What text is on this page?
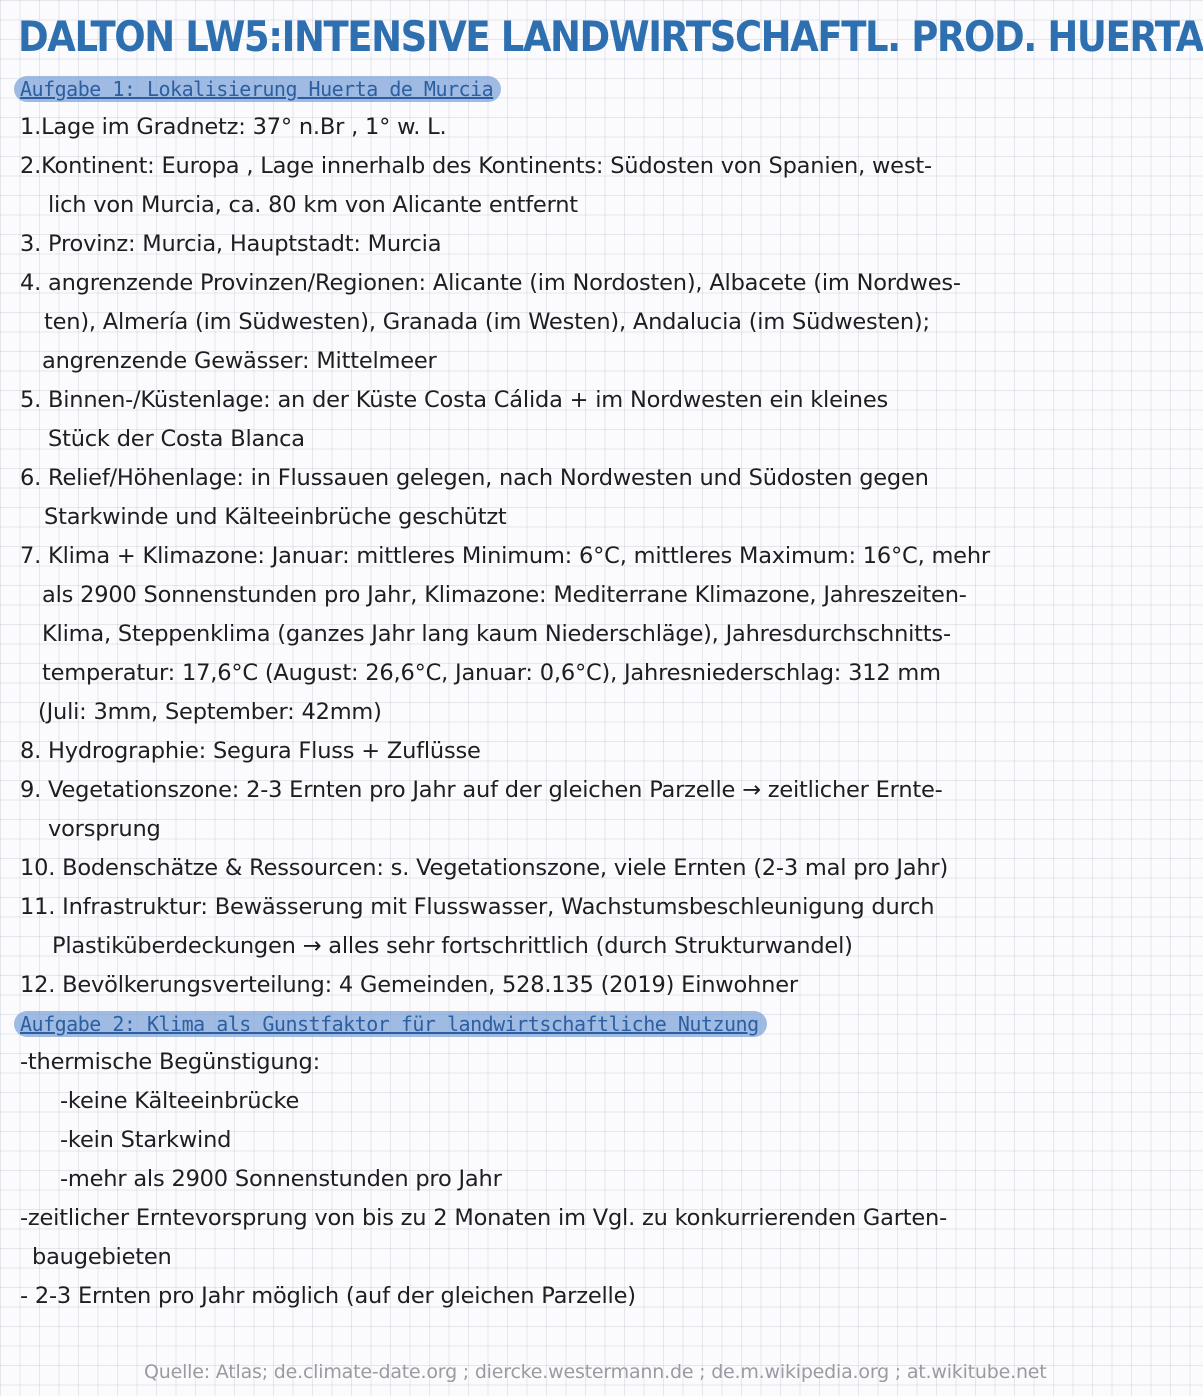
DALTON LW5:INTENSIVE LANDWIRTSCHAFTL. PROD. HUERTA
Aufgabe 1: Lokalisierung Huerta de Murcia
1.Lage im Gradnetz: 37° n.Br , 1° w. L.
2.Kontinent: Europa , Lage innerhalb des Kontinents: Südosten von Spanien, west-
lich von Murcia, ca. 80 km von Alicante entfernt
3. Provinz: Murcia, Hauptstadt: Murcia
4. angrenzende Provinzen/Regionen: Alicante (im Nordosten), Albacete (im Nordwes-
ten), Almería (im Südwesten), Granada (im Westen), Andalucia (im Südwesten);
angrenzende Gewässer: Mittelmeer
5. Binnen-/Küstenlage: an der Küste Costa Cálida + im Nordwesten ein kleines
Stück der Costa Blanca
6. Relief/Höhenlage: in Flussauen gelegen, nach Nordwesten und Südosten gegen
Starkwinde und Kälteeinbrüche geschützt
7. Klima + Klimazone: Januar: mittleres Minimum: 6°C, mittleres Maximum: 16°C, mehr
als 2900 Sonnenstunden pro Jahr, Klimazone: Mediterrane Klimazone, Jahreszeiten-
Klima, Steppenklima (ganzes Jahr lang kaum Niederschläge), Jahresdurchschnitts-
temperatur: 17,6°C (August: 26,6°C, Januar: 0,6°C), Jahresniederschlag: 312 mm
(Juli: 3mm, September: 42mm)
8. Hydrographie: Segura Fluss + Zuflüsse
9. Vegetationszone: 2-3 Ernten pro Jahr auf der gleichen Parzelle → zeitlicher Ernte-
vorsprung
10. Bodenschätze & Ressourcen: s. Vegetationszone, viele Ernten (2-3 mal pro Jahr)
11. Infrastruktur: Bewässerung mit Flusswasser, Wachstumsbeschleunigung durch
Plastiküberdeckungen → alles sehr fortschrittlich (durch Strukturwandel)
12. Bevölkerungsverteilung: 4 Gemeinden, 528.135 (2019) Einwohner
Aufgabe 2: Klima als Gunstfaktor für landwirtschaftliche Nutzung
-thermische Begünstigung:
-keine Kälteeinbrücke
-kein Starkwind
-mehr als 2900 Sonnenstunden pro Jahr
-zeitlicher Erntevorsprung von bis zu 2 Monaten im Vgl. zu konkurrierenden Garten-
baugebieten
- 2-3 Ernten pro Jahr möglich (auf der gleichen Parzelle)
Quelle: Atlas; de.climate-date.org ; diercke.westermann.de ; de.m.wikipedia.org ; at.wikitube.net
